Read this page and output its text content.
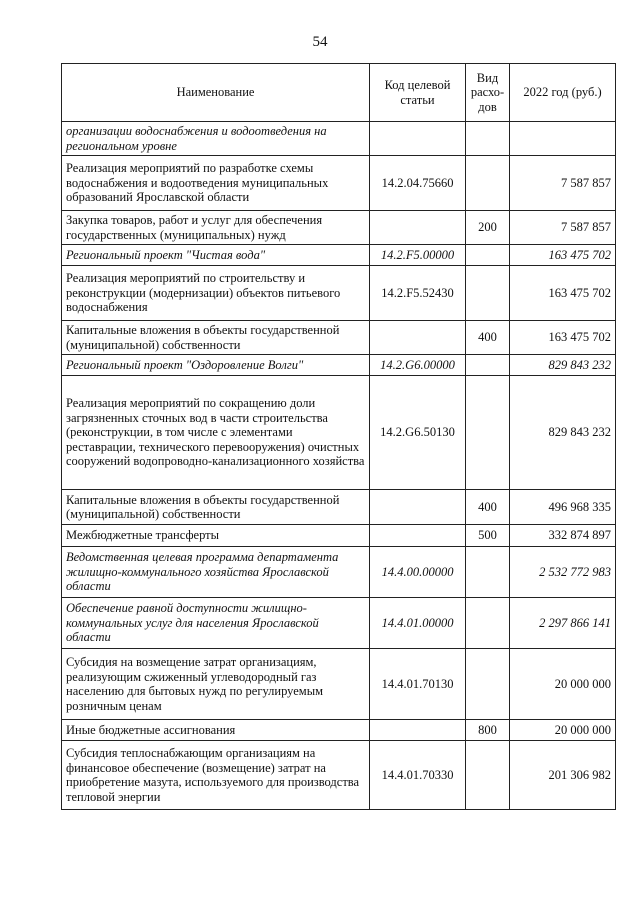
54
Наименование	Код целевой статьи	Вид расхо-дов	2022 год (руб.)
организации водоснабжения и водоотведения на региональном уровне			
Реализация мероприятий по разработке схемы водоснабжения и водоотведения муниципальных образований Ярославской области	14.2.04.75660		7 587 857
Закупка товаров, работ и услуг для обеспечения государственных (муниципальных) нужд		200	7 587 857
Региональный проект "Чистая вода"	14.2.F5.00000		163 475 702
Реализация мероприятий по строительству и реконструкции (модернизации) объектов питьевого водоснабжения	14.2.F5.52430		163 475 702
Капитальные вложения в объекты государственной (муниципальной) собственности		400	163 475 702
Региональный проект "Оздоровление Волги"	14.2.G6.00000		829 843 232
Реализация мероприятий по сокращению доли загрязненных сточных вод в части строительства (реконструкции, в том числе с элементами реставрации, технического перевооружения) очистных сооружений водопроводно-канализационного хозяйства	14.2.G6.50130		829 843 232
Капитальные вложения в объекты государственной (муниципальной) собственности		400	496 968 335
Межбюджетные трансферты		500	332 874 897
Ведомственная целевая программа департамента жилищно-коммунального хозяйства Ярославской области	14.4.00.00000		2 532 772 983
Обеспечение равной доступности жилищно-коммунальных услуг для населения Ярославской области	14.4.01.00000		2 297 866 141
Субсидия на возмещение затрат организациям, реализующим сжиженный углеводородный газ населению для бытовых нужд по регулируемым розничным ценам	14.4.01.70130		20 000 000
Иные бюджетные ассигнования		800	20 000 000
Субсидия теплоснабжающим организациям на финансовое обеспечение (возмещение) затрат на приобретение мазута, используемого для производства тепловой энергии	14.4.01.70330		201 306 982
